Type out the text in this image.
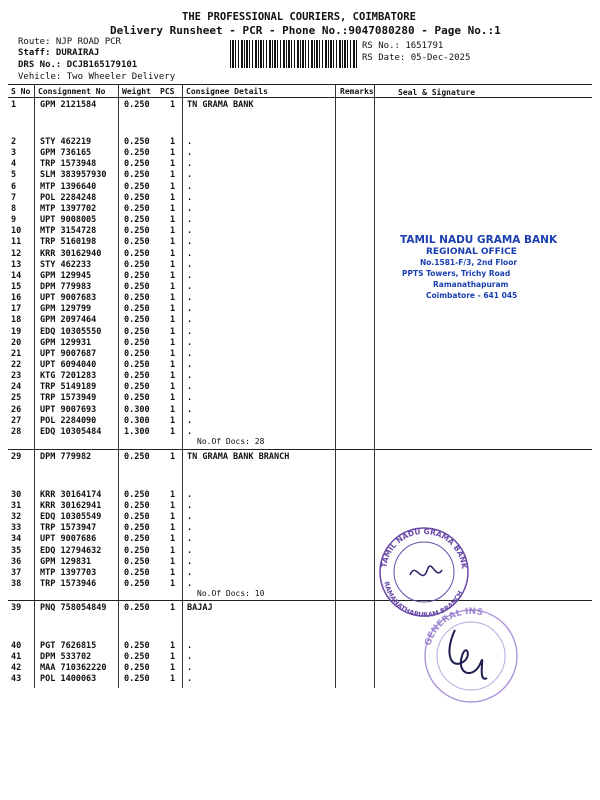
THE PROFESSIONAL COURIERS, COIMBATORE
Delivery Runsheet - PCR - Phone No.:9047080280 - Page No.:1
Route: NJP ROAD PCR
Staff: DURAIRAJ
DRS No.: DCJB165179101
Vehicle: Two Wheeler Delivery
RS No.: 1651791
RS Date: 05-Dec-2025
S No Consignment No Weight PCS Consignee Details	Remarks	Seal & Signature
1	GPM 2121584	0.250 1 TN GRAMA BANK
2	STY 462219	0.250 1 .
3	GPM 736165	0.250 1 .
4	TRP 1573948	0.250 1 .
5	SLM 383957930 0.250 1 .
6	MTP 1396640	0.250 1 .
7	POL 2284248	0.250 1 .
8	MTP 1397702	0.250 1 .
9	UPT 9008005	0.250 1 .
10 MTP 3154728	0.250 1 .
11 TRP 5160198	0.250 1 .
12 KRR 30162940	0.250 1 .
13 STY 462233	0.250 1 .
14 GPM 129945	0.250 1 .
15 DPM 779983	0.250 1 .
16 UPT 9007683	0.250 1 .
17 GPM 129799	0.250 1 .
18 GPM 2097464	0.250 1 .
19 EDQ 10305550	0.250 1 .
20 GPM 129931	0.250 1 .
21 UPT 9007687	0.250 1 .
22 UPT 6094040	0.250 1 .
23 KTG 7201283	0.250 1 .
24 TRP 5149189	0.250 1 .
25 TRP 1573949	0.250 1 .
26 UPT 9007693	0.300 1 .
27 POL 2284090	0.300 1 .
28 EDQ 10305484	1.300 1 .
No.Of Docs: 28
29 DPM 779982	0.250 1 TN GRAMA BANK BRANCH
30 KRR 30164174	0.250 1 .
31 KRR 30162941	0.250 1 .
32 EDQ 10305549	0.250 1 .
33 TRP 1573947	0.250 1 .
34 UPT 9007686	0.250 1 .
35 EDQ 12794632	0.250 1 .
36 GPM 129831	0.250 1 .
37 MTP 1397703	0.250 1 .
38 TRP 1573946	0.250 1 .
No.Of Docs: 10
39 PNQ 758054849 0.250 1 BAJAJ
40 PGT 7626815	0.250 1 .
41 DPM 533702	0.250 1 .
42 MAA 710362220 0.250 1 .
43 POL 1400063	0.250 1 .
TAMIL NADU GRAMA BANK
REGIONAL OFFICE
No.1581-F/3, 2nd Floor
PPTS Towers, Trichy Road
Ramanathapuram
Coimbatore - 641 045
TAMIL NADU GRAMA BANK
RAMANATHAPURAM BRANCH
GENERAL INS
